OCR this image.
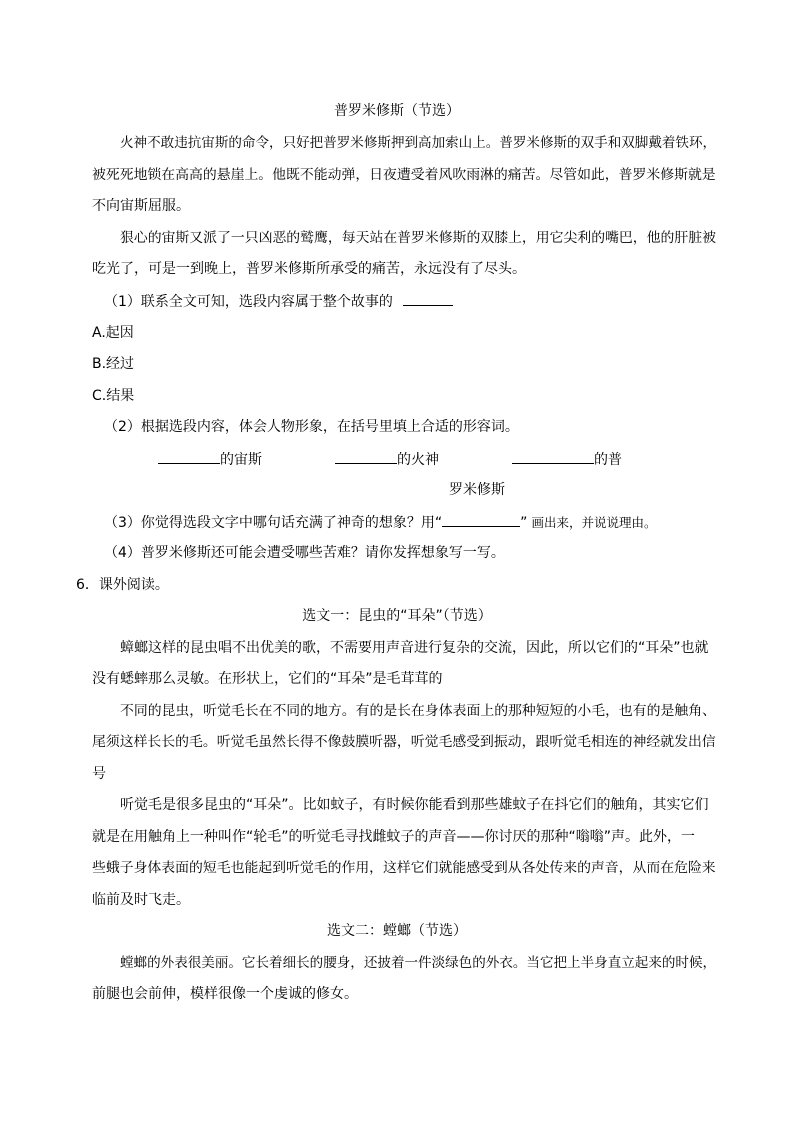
普罗米修斯（节选）
火神不敢违抗宙斯的命令，只好把普罗米修斯押到高加索山上。普罗米修斯的双手和双脚戴着铁环，
被死死地锁在高高的悬崖上。他既不能动弹，日夜遭受着风吹雨淋的痛苦。尽管如此，普罗米修斯就是
不向宙斯屈服。
狠心的宙斯又派了一只凶恶的鹫鹰，每天站在普罗米修斯的双膝上，用它尖利的嘴巴，他的肝脏被
吃光了，可是一到晚上，普罗米修斯所承受的痛苦，永远没有了尽头。
（1）联系全文可知，选段内容属于整个故事的
A.起因
B.经过
C.结果
（2）根据选段内容，体会人物形象，在括号里填上合适的形容词。
的宙斯	的火神	的普
罗米修斯
（3）你觉得选段文字中哪句话充满了神奇的想象？用“	” 画出来，并说说理由。
（4）普罗米修斯还可能会遭受哪些苦难？请你发挥想象写一写。
6．课外阅读。
选文一：昆虫的“耳朵”（节选）
蟑螂这样的昆虫唱不出优美的歌，不需要用声音进行复杂的交流，因此，所以它们的“耳朵”也就
没有蟋蟀那么灵敏。在形状上，它们的“耳朵”是毛茸茸的
不同的昆虫，听觉毛长在不同的地方。有的是长在身体表面上的那种短短的小毛，也有的是触角、
尾须这样长长的毛。听觉毛虽然长得不像鼓膜听器，听觉毛感受到振动，跟听觉毛相连的神经就发出信
号
听觉毛是很多昆虫的“耳朵”。比如蚊子，有时候你能看到那些雄蚊子在抖它们的触角，其实它们
就是在用触角上一种叫作“轮毛”的听觉毛寻找雌蚊子的声音——你讨厌的那种“嗡嗡”声。此外，一
些蛾子身体表面的短毛也能起到听觉毛的作用，这样它们就能感受到从各处传来的声音，从而在危险来
临前及时飞走。
选文二：螳螂（节选）
螳螂的外表很美丽。它长着细长的腰身，还披着一件淡绿色的外衣。当它把上半身直立起来的时候，
前腿也会前伸，模样很像一个虔诚的修女。
